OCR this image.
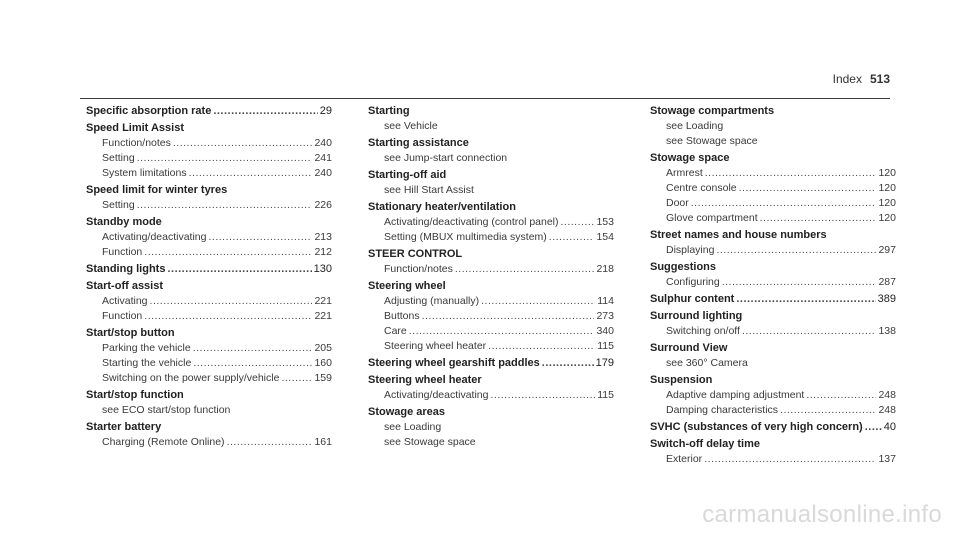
Index 513
Specific absorption rate .....	29
Speed Limit Assist
Function/notes .....	240
Setting .....	241
System limitations .....	240
Speed limit for winter tyres
Setting .....	226
Standby mode
Activating/deactivating .....	213
Function .....	212
Standing lights .....	130
Start-off assist
Activating .....	221
Function .....	221
Start/stop button
Parking the vehicle .....	205
Starting the vehicle .....	160
Switching on the power supply/vehicle .....	159
Start/stop function
see ECO start/stop function
Starter battery
Charging (Remote Online) .....	161
Starting
see Vehicle
Starting assistance
see Jump-start connection
Starting-off aid
see Hill Start Assist
Stationary heater/ventilation
Activating/deactivating (control panel) .....	153
Setting (MBUX multimedia system) .....	154
STEER CONTROL
Function/notes .....	218
Steering wheel
Adjusting (manually) .....	114
Buttons .....	273
Care .....	340
Steering wheel heater .....	115
Steering wheel gearshift paddles .....	179
Steering wheel heater
Activating/deactivating .....	115
Stowage areas
see Loading
see Stowage space
Stowage compartments
see Loading
see Stowage space
Stowage space
Armrest .....	120
Centre console .....	120
Door .....	120
Glove compartment .....	120
Street names and house numbers
Displaying .....	297
Suggestions
Configuring .....	287
Sulphur content .....	389
Surround lighting
Switching on/off .....	138
Surround View
see 360° Camera
Suspension
Adaptive damping adjustment .....	248
Damping characteristics .....	248
SVHC (substances of very high concern) ..... 40
Switch-off delay time
Exterior .....	137
carmanualsonline.info
